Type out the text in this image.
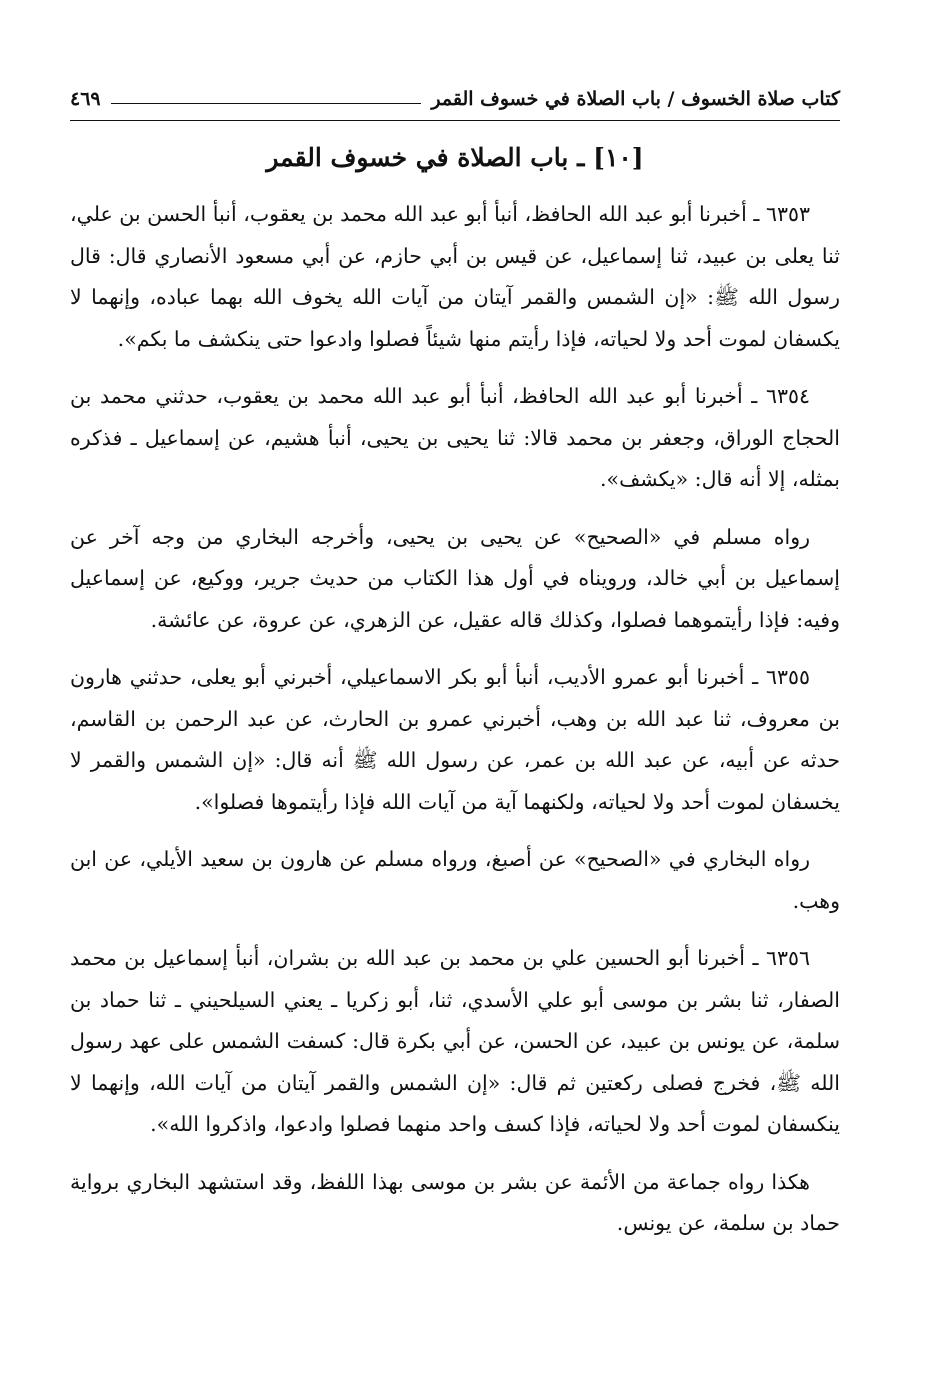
كتاب صلاة الخسوف / باب الصلاة في خسوف القمر
٤٦٩
[١٠] ـ باب الصلاة في خسوف القمر

٦٣٥٣ ـ أخبرنا أبو عبد الله الحافظ، أنبأ أبو عبد الله محمد بن يعقوب، أنبأ الحسن بن علي، ثنا يعلى بن عبيد، ثنا إسماعيل، عن قيس بن أبي حازم، عن أبي مسعود الأنصاري قال: قال رسول الله ﷺ: «إن الشمس والقمر آيتان من آيات الله يخوف الله بهما عباده، وإنهما لا يكسفان لموت أحد ولا لحياته، فإذا رأيتم منها شيئاً فصلوا وادعوا حتى ينكشف ما بكم».

٦٣٥٤ ـ أخبرنا أبو عبد الله الحافظ، أنبأ أبو عبد الله محمد بن يعقوب، حدثني محمد بن الحجاج الوراق، وجعفر بن محمد قالا: ثنا يحيى بن يحيى، أنبأ هشيم، عن إسماعيل ـ فذكره بمثله، إلا أنه قال: «يكشف».

رواه مسلم في «الصحيح» عن يحيى بن يحيى، وأخرجه البخاري من وجه آخر عن إسماعيل بن أبي خالد، ورويناه في أول هذا الكتاب من حديث جرير، ووكيع، عن إسماعيل وفيه: فإذا رأيتموهما فصلوا، وكذلك قاله عقيل، عن الزهري، عن عروة، عن عائشة.

٦٣٥٥ ـ أخبرنا أبو عمرو الأديب، أنبأ أبو بكر الاسماعيلي، أخبرني أبو يعلى، حدثني هارون بن معروف، ثنا عبد الله بن وهب، أخبرني عمرو بن الحارث، عن عبد الرحمن بن القاسم، حدثه عن أبيه، عن عبد الله بن عمر، عن رسول الله ﷺ أنه قال: «إن الشمس والقمر لا يخسفان لموت أحد ولا لحياته، ولكنهما آية من آيات الله فإذا رأيتموها فصلوا».

رواه البخاري في «الصحيح» عن أصبغ، ورواه مسلم عن هارون بن سعيد الأيلي، عن ابن وهب.

٦٣٥٦ ـ أخبرنا أبو الحسين علي بن محمد بن عبد الله بن بشران، أنبأ إسماعيل بن محمد الصفار، ثنا بشر بن موسى أبو علي الأسدي، ثنا، أبو زكريا ـ يعني السيلحيني ـ ثنا حماد بن سلمة، عن يونس بن عبيد، عن الحسن، عن أبي بكرة قال: كسفت الشمس على عهد رسول الله ﷺ، فخرج فصلى ركعتين ثم قال: «إن الشمس والقمر آيتان من آيات الله، وإنهما لا ينكسفان لموت أحد ولا لحياته، فإذا كسف واحد منهما فصلوا وادعوا، واذكروا الله».

هكذا رواه جماعة من الأئمة عن بشر بن موسى بهذا اللفظ، وقد استشهد البخاري برواية حماد بن سلمة، عن يونس.
